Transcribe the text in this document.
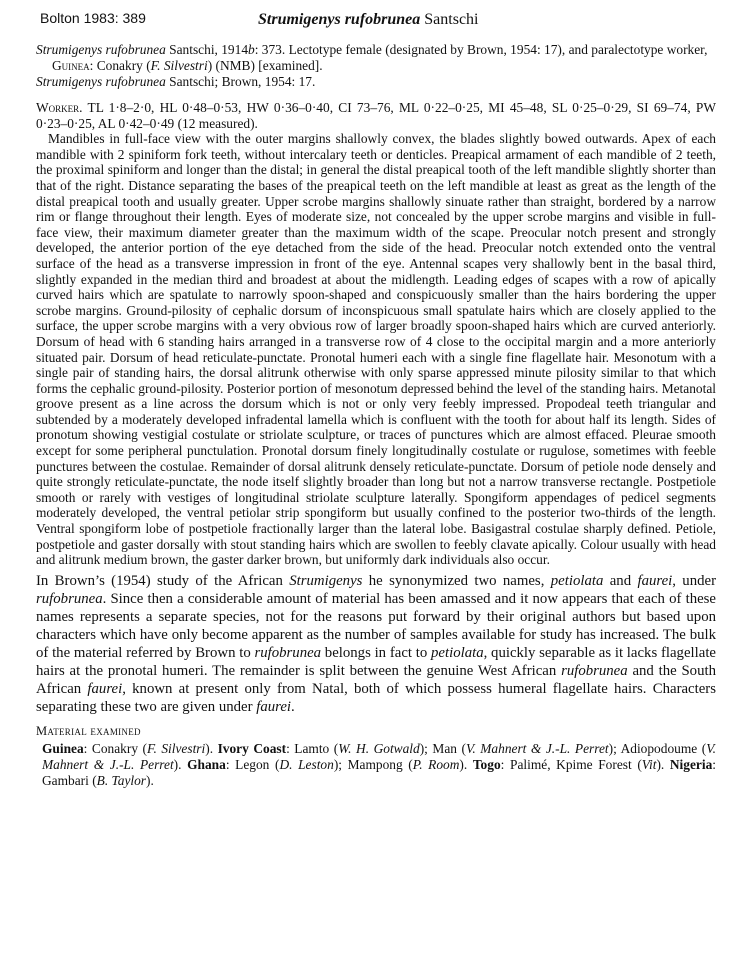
Bolton 1983: 389	Strumigenys rufobrunea Santschi

Strumigenys rufobrunea Santschi, 1914b: 373. Lectotype female (designated by Brown, 1954: 17), and paralectotype worker, Guinea: Conakry (F. Silvestri) (NMB) [examined].

Strumigenys rufobrunea Santschi; Brown, 1954: 17.

Worker. TL 1·8–2·0, HL 0·48–0·53, HW 0·36–0·40, CI 73–76, ML 0·22–0·25, MI 45–48, SL 0·25–0·29, SI 69–74, PW 0·23–0·25, AL 0·42–0·49 (12 measured).

Mandibles in full-face view with the outer margins shallowly convex, the blades slightly bowed outwards. Apex of each mandible with 2 spiniform fork teeth, without intercalary teeth or denticles. Preapical armament of each mandible of 2 teeth, the proximal spiniform and longer than the distal; in general the distal preapical tooth of the left mandible slightly shorter than that of the right. Distance separating the bases of the preapical teeth on the left mandible at least as great as the length of the distal preapical tooth and usually greater. Upper scrobe margins shallowly sinuate rather than straight, bordered by a narrow rim or flange throughout their length. Eyes of moderate size, not concealed by the upper scrobe margins and visible in full-face view, their maximum diameter greater than the maximum width of the scape. Preocular notch present and strongly developed, the anterior portion of the eye detached from the side of the head. Preocular notch extended onto the ventral surface of the head as a transverse impression in front of the eye. Antennal scapes very shallowly bent in the basal third, slightly expanded in the median third and broadest at about the midlength. Leading edges of scapes with a row of apically curved hairs which are spatulate to narrowly spoon-shaped and conspicuously smaller than the hairs bordering the upper scrobe margins. Ground-pilosity of cephalic dorsum of inconspicuous small spatulate hairs which are closely applied to the surface, the upper scrobe margins with a very obvious row of larger broadly spoon-shaped hairs which are curved anteriorly. Dorsum of head with 6 standing hairs arranged in a transverse row of 4 close to the occipital margin and a more anteriorly situated pair. Dorsum of head reticulate-punctate. Pronotal humeri each with a single fine flagellate hair. Mesonotum with a single pair of standing hairs, the dorsal alitrunk otherwise with only sparse appressed minute pilosity similar to that which forms the cephalic ground-pilosity. Posterior portion of mesonotum depressed behind the level of the standing hairs. Metanotal groove present as a line across the dorsum which is not or only very feebly impressed. Propodeal teeth triangular and subtended by a moderately developed infradental lamella which is confluent with the tooth for about half its length. Sides of pronotum showing vestigial costulate or striolate sculpture, or traces of punctures which are almost effaced. Pleurae smooth except for some peripheral punctulation. Pronotal dorsum finely longitudinally costulate or rugulose, sometimes with feeble punctures between the costulae. Remainder of dorsal alitrunk densely reticulate-punctate. Dorsum of petiole node densely and quite strongly reticulate-punctate, the node itself slightly broader than long but not a narrow transverse rectangle. Postpetiole smooth or rarely with vestiges of longitudinal striolate sculpture laterally. Spongiform appendages of pedicel segments moderately developed, the ventral petiolar strip spongiform but usually confined to the posterior two-thirds of the length. Ventral spongiform lobe of postpetiole fractionally larger than the lateral lobe. Basigastral costulae sharply defined. Petiole, postpetiole and gaster dorsally with stout standing hairs which are swollen to feebly clavate apically. Colour usually with head and alitrunk medium brown, the gaster darker brown, but uniformly dark individuals also occur.

In Brown’s (1954) study of the African Strumigenys he synonymized two names, petiolata and faurei, under rufobrunea. Since then a considerable amount of material has been amassed and it now appears that each of these names represents a separate species, not for the reasons put forward by their original authors but based upon characters which have only become apparent as the number of samples available for study has increased. The bulk of the material referred by Brown to rufobrunea belongs in fact to petiolata, quickly separable as it lacks flagellate hairs at the pronotal humeri. The remainder is split between the genuine West African rufobrunea and the South African faurei, known at present only from Natal, both of which possess humeral flagellate hairs. Characters separating these two are given under faurei.

Material examined

Guinea: Conakry (F. Silvestri). Ivory Coast: Lamto (W. H. Gotwald); Man (V. Mahnert & J.-L. Perret); Adiopodoume (V. Mahnert & J.-L. Perret). Ghana: Legon (D. Leston); Mampong (P. Room). Togo: Palimé, Kpime Forest (Vit). Nigeria: Gambari (B. Taylor).
